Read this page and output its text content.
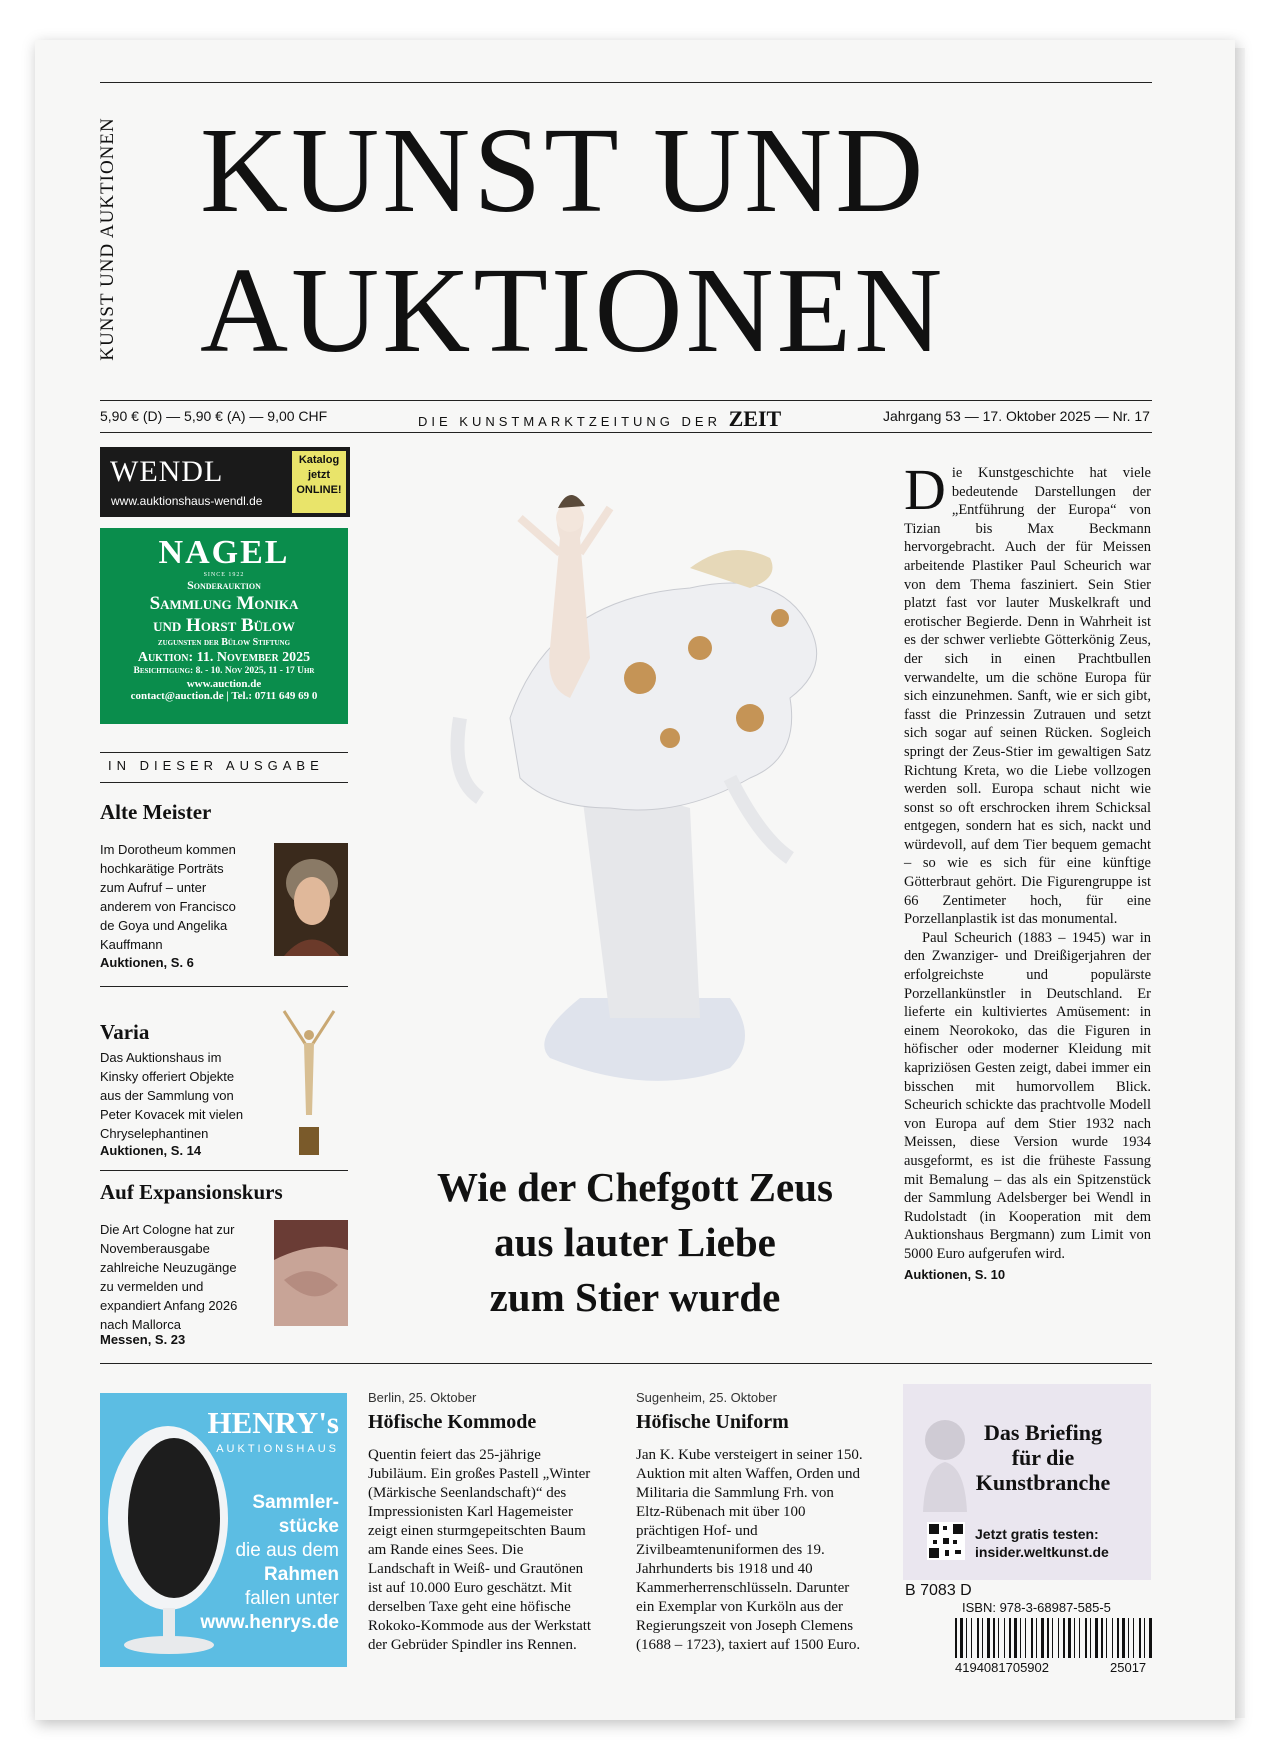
KUNST UND AUKTIONEN KUNST UND
AUKTIONEN
5,90 € (D) — 5,90 € (A) — 9,00 CHF	DIE KUNSTMARKTZEITUNG DER ZEIT	Jahrgang 53 — 17. Oktober 2025 — Nr. 17
WENDL
www.auktionshaus-wendl.de
Katalog
jetzt
ONLINE!
NAGEL
SINCE 1922
Sonderauktion
Sammlung Monika
und Horst Bülow
zugunsten der Bülow Stiftung
Auktion: 11. November 2025
Besichtigung: 8. - 10. Nov 2025, 11 - 17 Uhr
www.auction.de
contact@auction.de | Tel.: 0711 649 69 0
IN DIESER AUSGABE
Alte Meister
Im Dorotheum kommen hochkarätige Porträts zum Aufruf – unter anderem von Francisco de Goya und Angelika Kauffmann
Auktionen, S. 6
Varia
Das Auktionshaus im Kinsky offeriert Objekte aus der Sammlung von Peter Kovacek mit vielen Chryselephantinen
Auktionen, S. 14
Auf Expansionskurs
Die Art Cologne hat zur Novemberausgabe zahlreiche Neuzugänge zu vermelden und expandiert Anfang 2026 nach Mallorca
Messen, S. 23
Wie der Chefgott Zeus
aus lauter Liebe
zum Stier wurde
Die Kunstgeschichte hat viele bedeutende Darstellungen der „Entführung der Europa“ von Tizian bis Max Beckmann hervorgebracht. Auch der für Meissen arbeitende Plastiker Paul Scheurich war von dem Thema fasziniert. Sein Stier platzt fast vor lauter Muskelkraft und erotischer Begierde. Denn in Wahrheit ist es der schwer verliebte Götterkönig Zeus, der sich in einen Prachtbullen verwandelte, um die schöne Europa für sich einzunehmen. Sanft, wie er sich gibt, fasst die Prinzessin Zutrauen und setzt sich sogar auf seinen Rücken. Sogleich springt der Zeus-Stier im gewaltigen Satz Richtung Kreta, wo die Liebe vollzogen werden soll. Europa schaut nicht wie sonst so oft erschrocken ihrem Schicksal entgegen, sondern hat es sich, nackt und würdevoll, auf dem Tier bequem gemacht – so wie es sich für eine künftige Götterbraut gehört. Die Figurengruppe ist 66 Zentimeter hoch, für eine Porzellanplastik ist das monumental.
Paul Scheurich (1883 – 1945) war in den Zwanziger- und Dreißigerjahren der erfolgreichste und populärste Porzellankünstler in Deutschland. Er lieferte ein kultiviertes Amüsement: in einem Neorokoko, das die Figuren in höfischer oder moderner Kleidung mit kapriziösen Gesten zeigt, dabei immer ein bisschen mit humorvollem Blick. Scheurich schickte das prachtvolle Modell von Europa auf dem Stier 1932 nach Meissen, diese Version wurde 1934 ausgeformt, es ist die früheste Fassung mit Bemalung – das als ein Spitzenstück der Sammlung Adelsberger bei Wendl in Rudolstadt (in Kooperation mit dem Auktionshaus Bergmann) zum Limit von 5000 Euro aufgerufen wird.
Auktionen, S. 10
HENRY's
AUKTIONSHAUS
Sammler-
stücke
die aus dem
Rahmen
fallen unter
www.henrys.de
Berlin, 25. Oktober
Höfische Kommode
Quentin feiert das 25-jährige Jubiläum. Ein großes Pastell „Winter (Märkische Seenlandschaft)“ des Impressionisten Karl Hagemeister zeigt einen sturmgepeitschten Baum am Rande eines Sees. Die Landschaft in Weiß- und Grautönen ist auf 10.000 Euro geschätzt. Mit derselben Taxe geht eine höfische Rokoko-Kommode aus der Werkstatt der Gebrüder Spindler ins Rennen.
Sugenheim, 25. Oktober
Höfische Uniform
Jan K. Kube versteigert in seiner 150. Auktion mit alten Waffen, Orden und Militaria die Sammlung Frh. von Eltz-Rübenach mit über 100 prächtigen Hof- und Zivilbeamtenuniformen des 19. Jahrhunderts bis 1918 und 40 Kammerherrenschlüsseln. Darunter ein Exemplar von Kurköln aus der Regierungszeit von Joseph Clemens (1688 – 1723), taxiert auf 1500 Euro.
Das Briefing
für die
Kunstbranche
Jetzt gratis testen:
insider.weltkunst.de
B 7083 D
ISBN: 978-3-68987-585-5
4194081705902	25017
